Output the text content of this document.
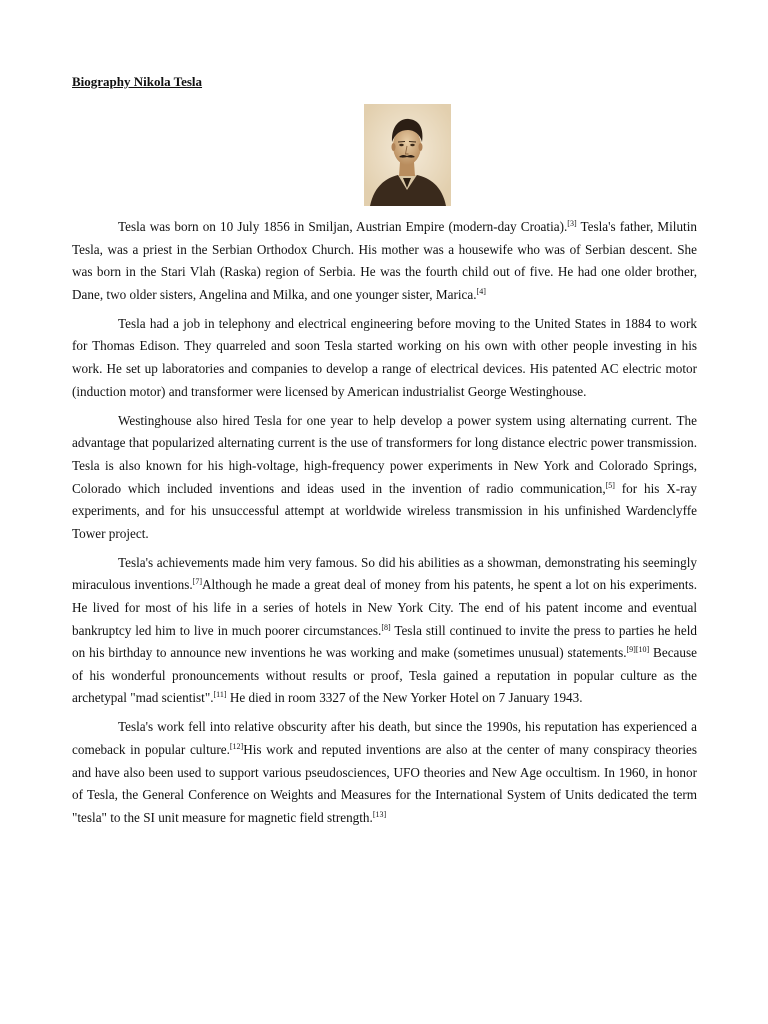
Biography Nikola Tesla

Tesla was born on 10 July 1856 in Smiljan, Austrian Empire (modern-day Croatia).[3] Tesla's father, Milutin Tesla, was a priest in the Serbian Orthodox Church. His mother was a housewife who was of Serbian descent. She was born in the Stari Vlah (Raska) region of Serbia. He was the fourth child out of five. He had one older brother, Dane, two older sisters, Angelina and Milka, and one younger sister, Marica.[4]

Tesla had a job in telephony and electrical engineering before moving to the United States in 1884 to work for Thomas Edison. They quarreled and soon Tesla started working on his own with other people investing in his work. He set up laboratories and companies to develop a range of electrical devices. His patented AC electric motor (induction motor) and transformer were licensed by American industrialist George Westinghouse.

Westinghouse also hired Tesla for one year to help develop a power system using alternating current. The advantage that popularized alternating current is the use of transformers for long distance electric power transmission. Tesla is also known for his high-voltage, high-frequency power experiments in New York and Colorado Springs, Colorado which included inventions and ideas used in the invention of radio communication,[5] for his X-ray experiments, and for his unsuccessful attempt at worldwide wireless transmission in his unfinished Wardenclyffe Tower project.

Tesla's achievements made him very famous. So did his abilities as a showman, demonstrating his seemingly miraculous inventions.[7]Although he made a great deal of money from his patents, he spent a lot on his experiments. He lived for most of his life in a series of hotels in New York City. The end of his patent income and eventual bankruptcy led him to live in much poorer circumstances.[8] Tesla still continued to invite the press to parties he held on his birthday to announce new inventions he was working and make (sometimes unusual) statements.[9][10] Because of his wonderful pronouncements without results or proof, Tesla gained a reputation in popular culture as the archetypal "mad scientist".[11] He died in room 3327 of the New Yorker Hotel on 7 January 1943.

Tesla's work fell into relative obscurity after his death, but since the 1990s, his reputation has experienced a comeback in popular culture.[12]His work and reputed inventions are also at the center of many conspiracy theories and have also been used to support various pseudosciences, UFO theories and New Age occultism. In 1960, in honor of Tesla, the General Conference on Weights and Measures for the International System of Units dedicated the term "tesla" to the SI unit measure for magnetic field strength.[13]
